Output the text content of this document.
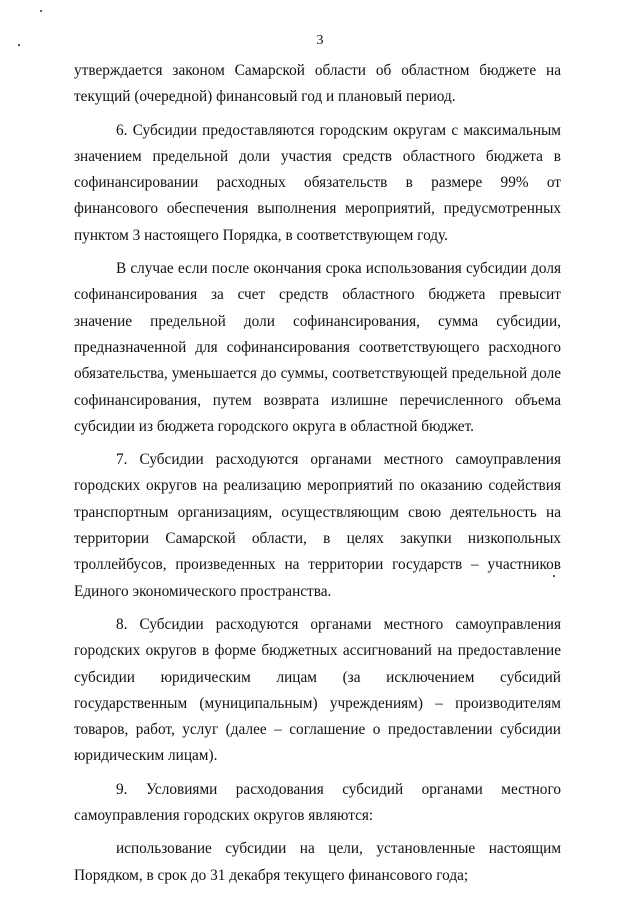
3

утверждается законом Самарской области об областном бюджете на текущий (очередной) финансовый год и плановый период.

6. Субсидии предоставляются городским округам с максимальным значением предельной доли участия средств областного бюджета в софинансировании расходных обязательств в размере 99% от финансового обеспечения выполнения мероприятий, предусмотренных пунктом 3 настоящего Порядка, в соответствующем году.

В случае если после окончания срока использования субсидии доля софинансирования за счет средств областного бюджета превысит значение предельной доли софинансирования, сумма субсидии, предназначенной для софинансирования соответствующего расходного обязательства, уменьшается до суммы, соответствующей предельной доле софинансирования, путем возврата излишне перечисленного объема субсидии из бюджета городского округа в областной бюджет.

7. Субсидии расходуются органами местного самоуправления городских округов на реализацию мероприятий по оказанию содействия транспортным организациям, осуществляющим свою деятельность на территории Самарской области, в целях закупки низкопольных троллейбусов, произведенных на территории государств – участников Единого экономического пространства.

8. Субсидии расходуются органами местного самоуправления городских округов в форме бюджетных ассигнований на предоставление субсидии юридическим лицам (за исключением субсидий государственным (муниципальным) учреждениям) – производителям товаров, работ, услуг (далее – соглашение о предоставлении субсидии юридическим лицам).

9. Условиями расходования субсидий органами местного самоуправления городских округов являются:

использование субсидии на цели, установленные настоящим Порядком, в срок до 31 декабря текущего финансового года;
